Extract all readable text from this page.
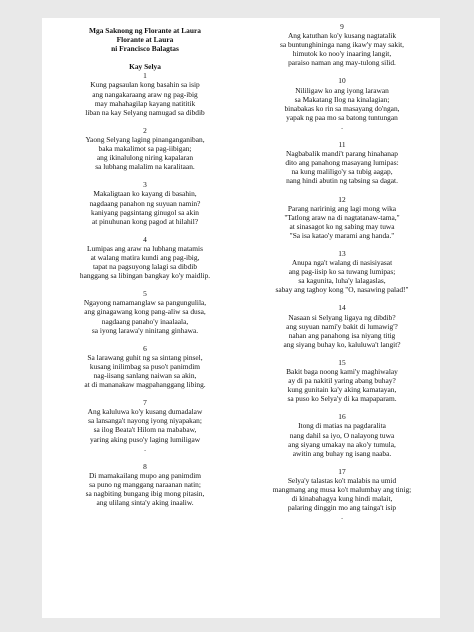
Mga Saknong ng Florante at Laura
Florante at Laura
ni Francisco Balagtas
Kay Selya
1
Kung pagsaulan kong basahin sa isip
ang nangakaraang araw ng pag-ibig
may mahahagilap kayang natititik
liban na kay Selyang namugad sa dibdib
2
Yaong Selyang laging pinanganganiban,
baka makalimot sa pag-iibigan;
ang ikinalulong niring kapalaran
sa lubhang malalim na karalitaan.
3
Makaligtaan ko kayang di basahin,
nagdaang panahon ng suyuan namin?
kaniyang pagsintang ginugol sa akin
at pinuhunan kong pagod at hilahil?
4
Lumipas ang araw na lubhang matamis
at walang matira kundi ang pag-ibig,
tapat na pagsuyong lalagi sa dibdib
hanggang sa libingan bangkay ko'y maidlip.
5
Ngayong namamanglaw sa pangungulila,
ang ginagawang kong pang-aliw sa dusa,
nagdaang panaho'y inaalaala,
sa iyong larawa'y ninitang ginhawa.
6
Sa larawang guhit ng sa sintang pinsel,
kusang inilimbag sa puso't panimdim
nag-iisang sanlang naiwan sa akin,
at di mananakaw magpahanggang libing.
7
Ang kaluluwa ko'y kusang dumadalaw
sa lansanga't nayong iyong niyapakan;
sa ilog Beata't Hilom na mababaw,
yaring aking puso'y laging lumiligaw
.
8
Di mamakailang mupo ang panimdim
sa puno ng manggang naraanan natin;
sa nagbiting bungang ibig mong pitasin,
ang ulilang sinta'y aking inaaliw.
9
Ang katuthan ko'y kusang nagtatalik
sa buntunghininga nang ikaw'y may sakit,
himutok ko noo'y inaaring langit,
paraiso naman ang may-tulong silid.
10
Nililigaw ko ang iyong larawan
sa Makatang Ilog na kinalagian;
binabakas ko rin sa masayang do'ngan,
yapak ng paa mo sa batong tuntungan
.
11
Nagbabalik mandi't parang hinahanap
dito ang panahong masayang lumipas:
na kung maliligo'y sa tubig aagap,
nang hindi abutin ng tabsing sa dagat.
12
Parang naririnig ang lagi mong wika
"Tatlong araw na di nagtatanaw-tama,"
at sinasagot ko ng sabing may tuwa
"Sa isa katao'y marami ang handa."
13
Anupa nga't walang di nasisiyasat
ang pag-iisip ko sa tuwang lumipas;
sa kagunita, luha'y lalagaslas,
sabay ang taghoy kong "O, nasawing palad!"
14
Nasaan si Selyang ligaya ng dibdib?
ang suyuan nami'y bakit di lumawig'?
nahan ang panahong isa niyang titig
ang siyang buhay ko, kaluluwa't langit?
15
Bakit baga noong kami'y maghiwalay
ay di pa nakitil yaring abang buhay?
kung gunitain ka'y aking kamatayan,
sa puso ko Selya'y di ka mapaparam.
16
Itong di matias na pagdaralita
nang dahil sa iyo, O nalayong tuwa
ang siyang umakay na ako'y tumula,
awitin ang buhay ng isang naaba.
17
Selya'y talastas ko't malabis na umid
mangmang ang musa ko't malumbay ang tinig;
di kinabahagya kung hindi malait,
palaring dinggin mo ang tainga't isip
.
